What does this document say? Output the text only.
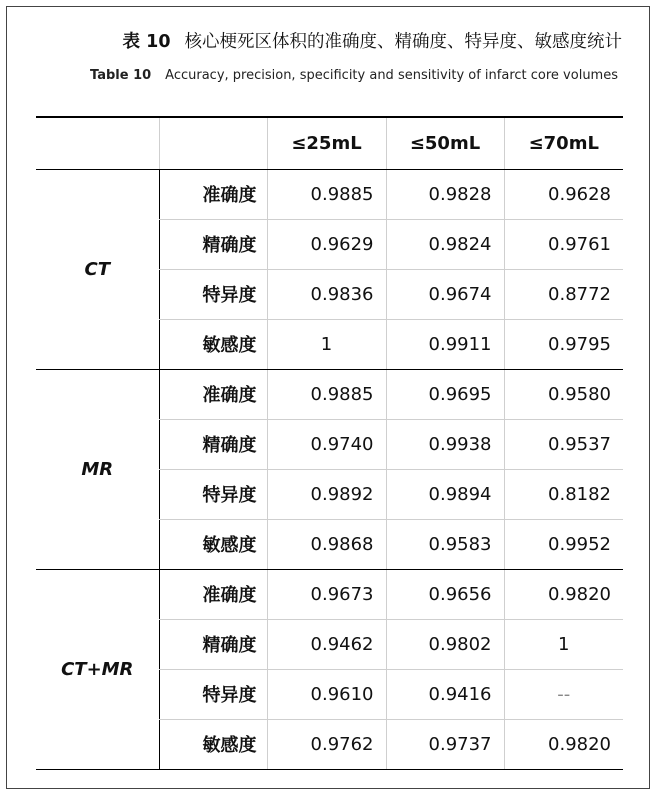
表 10 核心梗死区体积的准确度、精确度、特异度、敏感度统计
Table 10 Accuracy, precision, specificity and sensitivity of infarct core volumes
		≤25mL	≤50mL	≤70mL
CT	准确度	0.9885	0.9828	0.9628
	精确度	0.9629	0.9824	0.9761
	特异度	0.9836	0.9674	0.8772
	敏感度	1	0.9911	0.9795
MR	准确度	0.9885	0.9695	0.9580
	精确度	0.9740	0.9938	0.9537
	特异度	0.9892	0.9894	0.8182
	敏感度	0.9868	0.9583	0.9952
CT+MR	准确度	0.9673	0.9656	0.9820
	精确度	0.9462	0.9802	1
	特异度	0.9610	0.9416	--
	敏感度	0.9762	0.9737	0.9820
